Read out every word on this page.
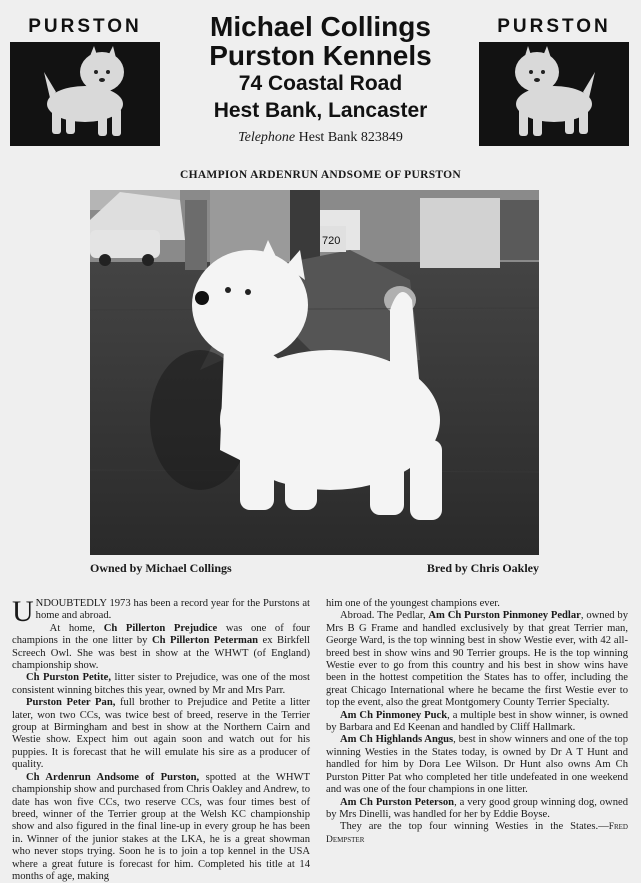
PURSTON	PURSTON
Michael Collings
Purston Kennels
74 Coastal Road
Hest Bank, Lancaster
Telephone Hest Bank 823849
CHAMPION ARDENRUN ANDSOME OF PURSTON
720
Owned by Michael Collings	Bred by Chris Oakley

UNDOUBTEDLY 1973 has been a record year for the Purstons at home and abroad.

At home, Ch Pillerton Prejudice was one of four champions in the one litter by Ch Pillerton Peterman ex Birkfell Screech Owl. She was best in show at the WHWT (of England) championship show.

Ch Purston Petite, litter sister to Prejudice, was one of the most consistent winning bitches this year, owned by Mr and Mrs Parr.

Purston Peter Pan, full brother to Prejudice and Petite a litter later, won two CCs, was twice best of breed, reserve in the Terrier group at Birmingham and best in show at the Northern Cairn and Westie show. Expect him out again soon and watch out for his puppies. It is forecast that he will emulate his sire as a producer of quality.

Ch Ardenrun Andsome of Purston, spotted at the WHWT championship show and purchased from Chris Oakley and Andrew, to date has won five CCs, two reserve CCs, was four times best of breed, winner of the Terrier group at the Welsh KC championship show and also figured in the final line-up in every group he has been in. Winner of the junior stakes at the LKA, he is a great showman who never stops trying. Soon he is to join a top kennel in the USA where a great future is forecast for him. Completed his title at 14 months of age, making

him one of the youngest champions ever.

Abroad. The Pedlar, Am Ch Purston Pinmoney Pedlar, owned by Mrs B G Frame and handled exclusively by that great Terrier man, George Ward, is the top winning best in show Westie ever, with 42 all-breed best in show wins and 90 Terrier groups. He is the top winning Westie ever to go from this country and his best in show wins have been in the hottest competition the States has to offer, including the great Chicago International where he became the first Westie ever to top the event, also the great Montgomery County Terrier Specialty.

Am Ch Pinmoney Puck, a multiple best in show winner, is owned by Barbara and Ed Keenan and handled by Cliff Hallmark.

Am Ch Highlands Angus, best in show winners and one of the top winning Westies in the States today, is owned by Dr A T Hunt and handled for him by Dora Lee Wilson. Dr Hunt also owns Am Ch Purston Pitter Pat who completed her title undefeated in one weekend and was one of the four champions in one litter.

Am Ch Purston Peterson, a very good group winning dog, owned by Mrs Dinelli, was handled for her by Eddie Boyse.

They are the top four winning Westies in the States.—Fred Dempster
